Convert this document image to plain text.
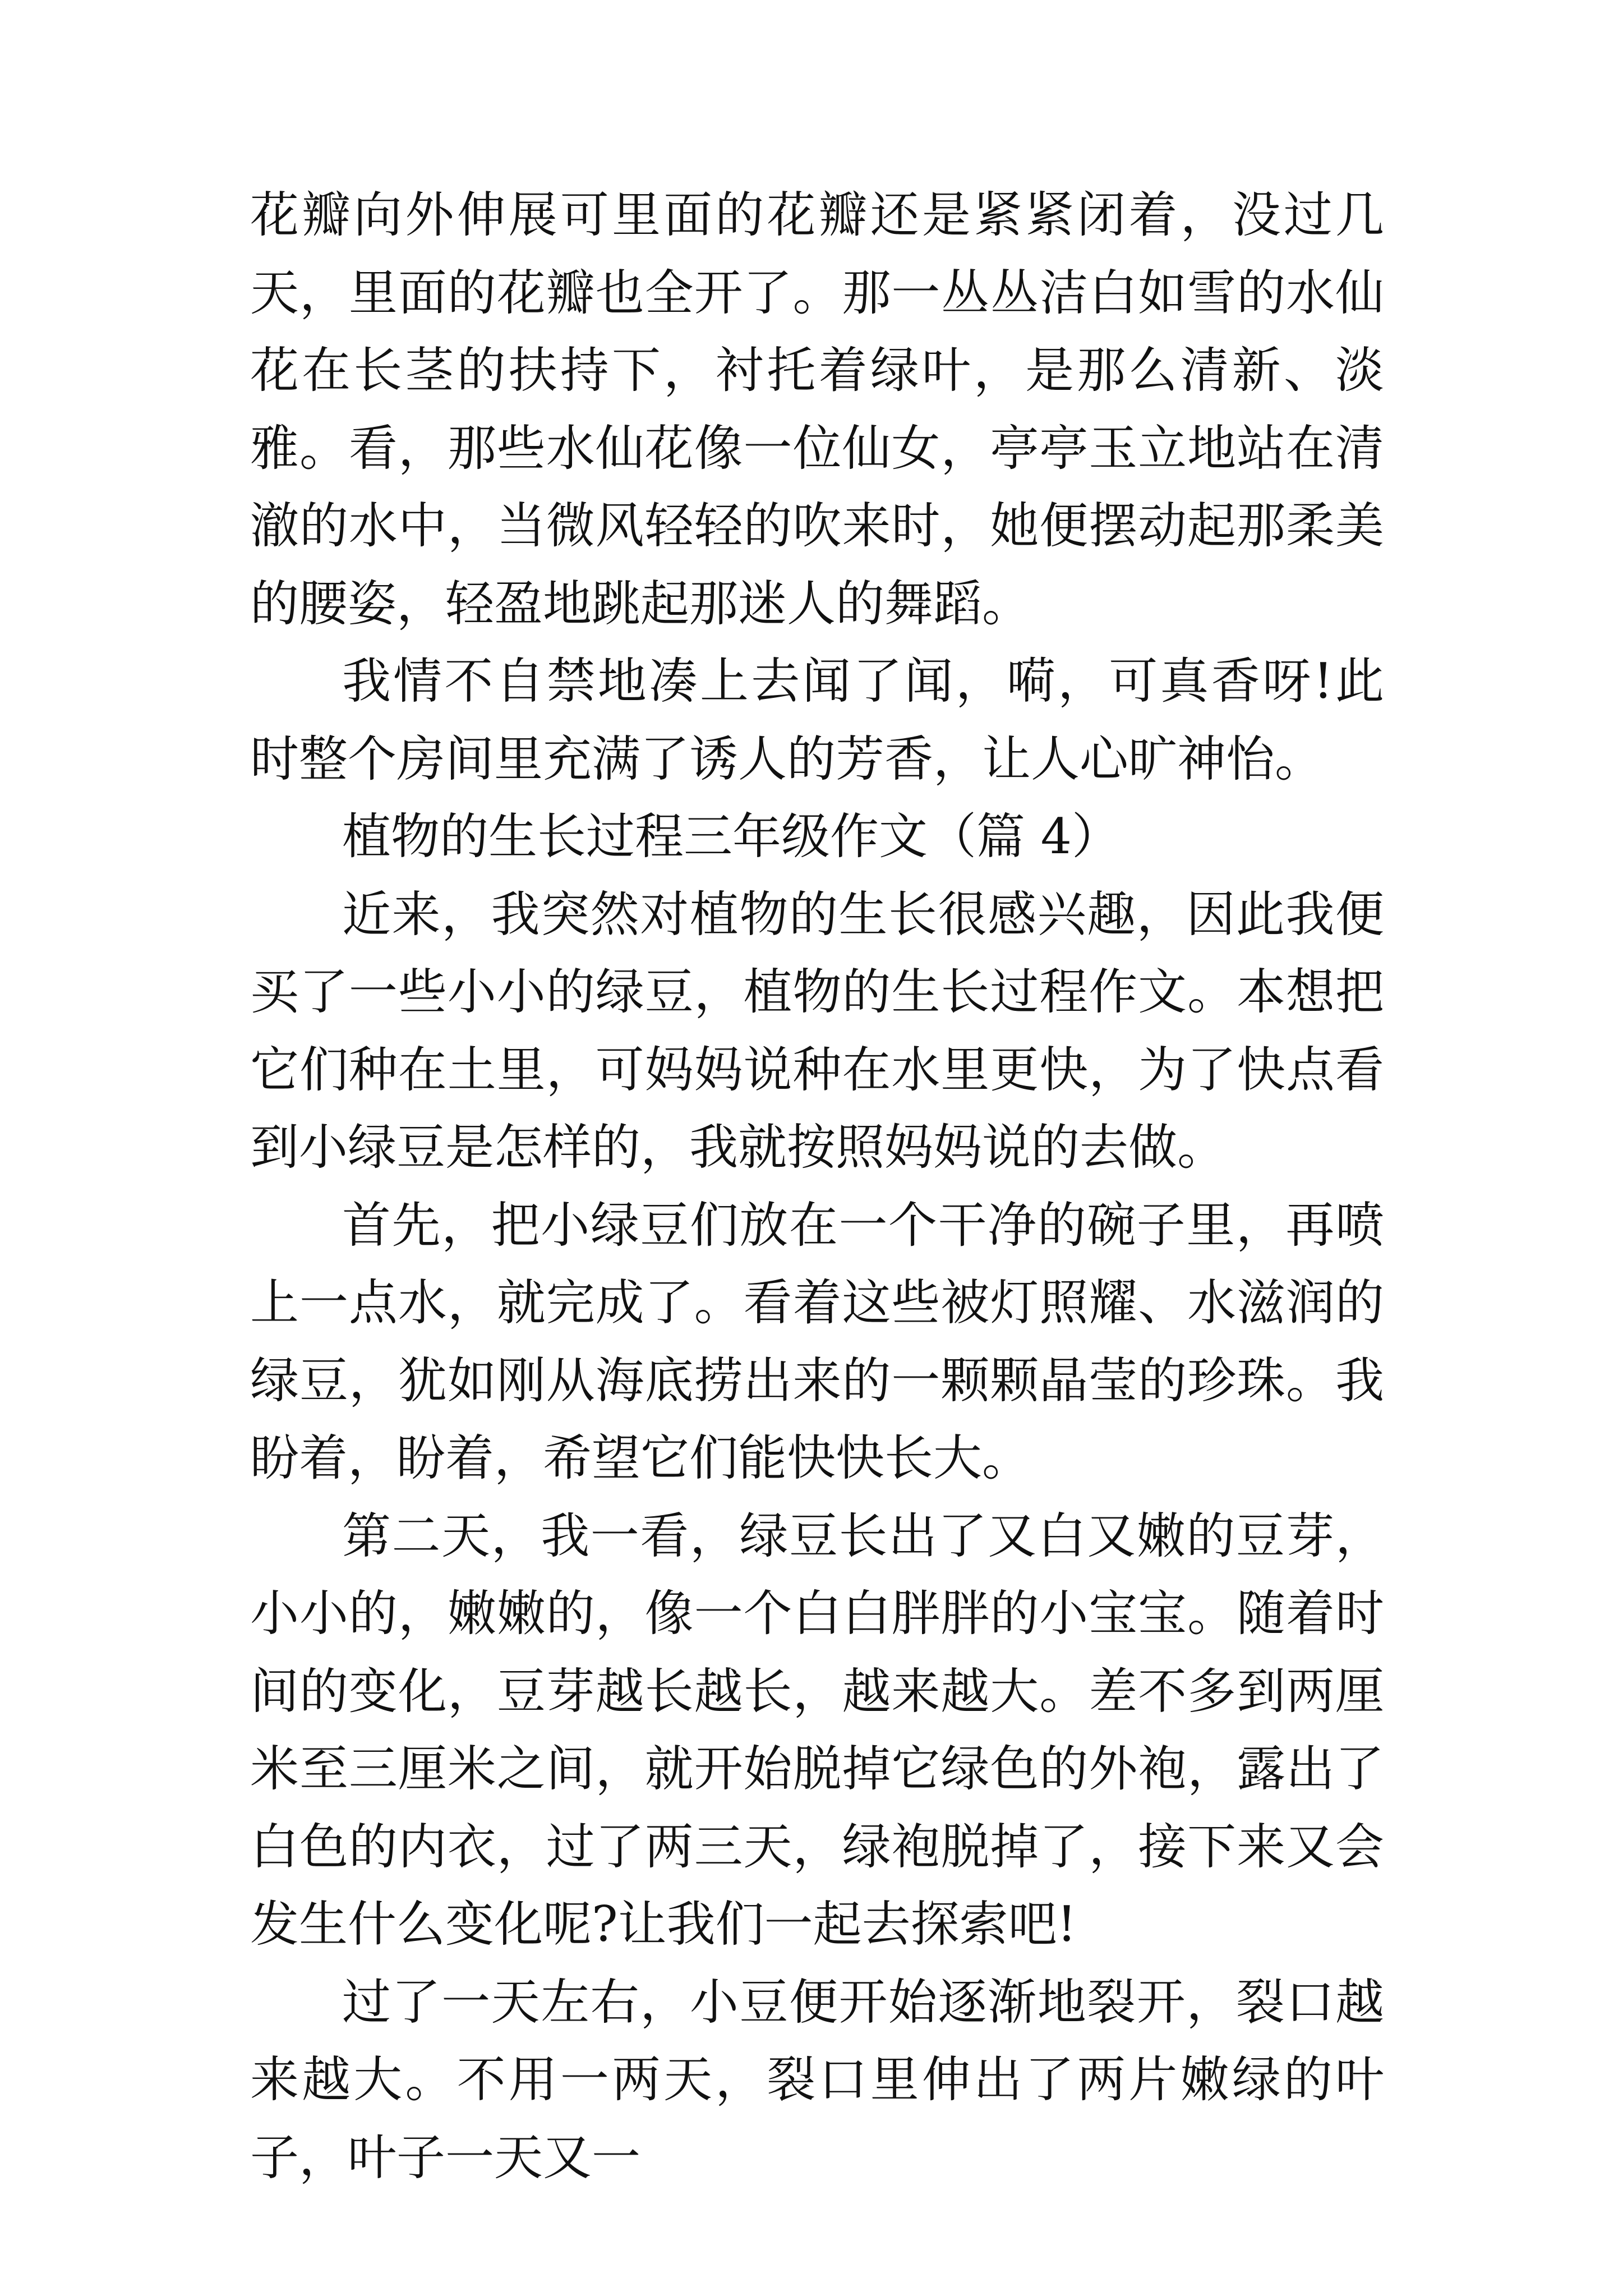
花瓣向外伸展可里面的花瓣还是紧紧闭着，没过几天，里面的花瓣也全开了。那一丛丛洁白如雪的水仙花在长茎的扶持下，衬托着绿叶，是那么清新、淡雅。看，那些水仙花像一位仙女，亭亭玉立地站在清澈的水中，当微风轻轻的吹来时，她便摆动起那柔美的腰姿，轻盈地跳起那迷人的舞蹈。

我情不自禁地凑上去闻了闻，嗬，可真香呀!此时整个房间里充满了诱人的芳香，让人心旷神怡。

植物的生长过程三年级作文（篇 4）

近来，我突然对植物的生长很感兴趣，因此我便买了一些小小的绿豆，植物的生长过程作文。本想把它们种在土里，可妈妈说种在水里更快，为了快点看到小绿豆是怎样的，我就按照妈妈说的去做。

首先，把小绿豆们放在一个干净的碗子里，再喷上一点水，就完成了。看着这些被灯照耀、水滋润的绿豆，犹如刚从海底捞出来的一颗颗晶莹的珍珠。我盼着，盼着，希望它们能快快长大。

第二天，我一看，绿豆长出了又白又嫩的豆芽，小小的，嫩嫩的，像一个白白胖胖的小宝宝。随着时间的变化，豆芽越长越长，越来越大。差不多到两厘米至三厘米之间，就开始脱掉它绿色的外袍，露出了白色的内衣，过了两三天，绿袍脱掉了，接下来又会发生什么变化呢?让我们一起去探索吧!

过了一天左右，小豆便开始逐渐地裂开，裂口越来越大。不用一两天，裂口里伸出了两片嫩绿的叶子，叶子一天又一
